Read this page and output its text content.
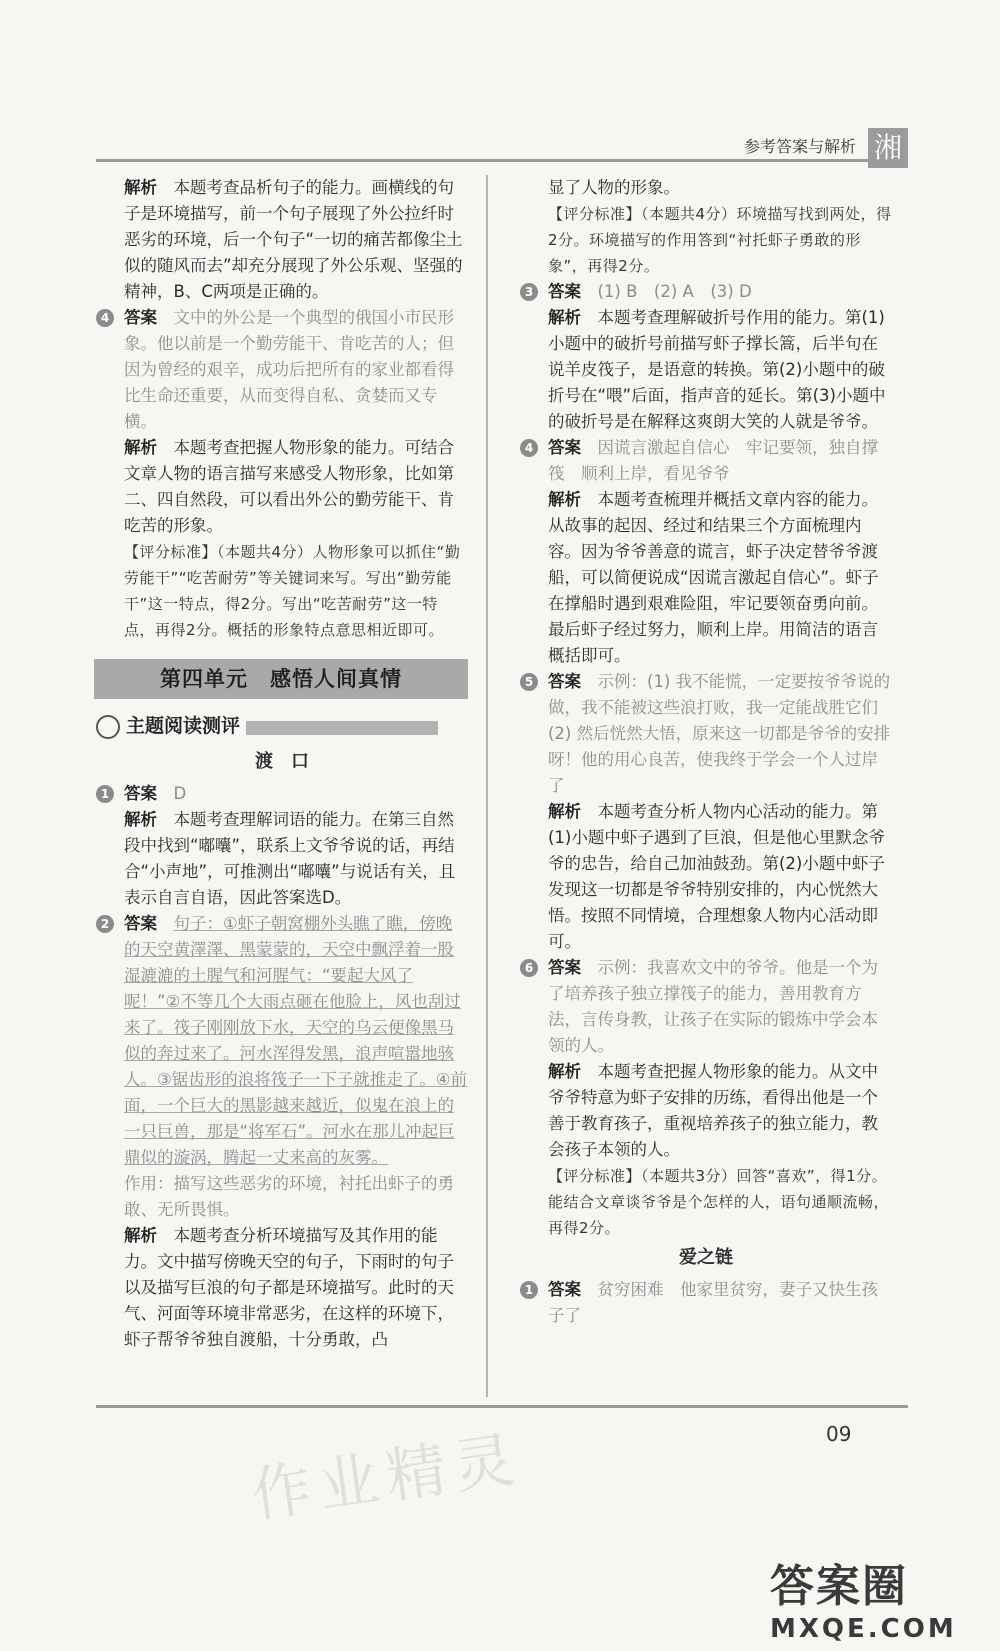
参考答案与解析 湘

解析　 本题考查品析句子的能力。画横线的句子是环境描写，前一个句子展现了外公拉纤时恶劣的环境，后一个句子“一切的痛苦都像尘土似的随风而去”却充分展现了外公乐观、坚强的精神，B、C两项是正确的。

4 答案　 文中的外公是一个典型的俄国小市民形象。他以前是一个勤劳能干、肯吃苦的人；但因为曾经的艰辛，成功后把所有的家业都看得比生命还重要，从而变得自私、贪婪而又专横。

解析　 本题考查把握人物形象的能力。可结合文章人物的语言描写来感受人物形象，比如第二、四自然段，可以看出外公的勤劳能干、肯吃苦的形象。

【评分标准】（本题共4分）人物形象可以抓住“勤劳能干”“吃苦耐劳”等关键词来写。写出“勤劳能干”这一特点，得2分。写出“吃苦耐劳”这一特点，再得2分。概括的形象特点意思相近即可。

第四单元　感悟人间真情
主题阅读测评
渡　口
1 答案　 D

解析　 本题考查理解词语的能力。在第三自然段中找到“嘟囔”，联系上文爷爷说的话，再结合“小声地”，可推测出“嘟囔”与说话有关，且表示自言自语，因此答案选D。

2 答案　 句子：①虾子朝窝棚外头瞧了瞧，傍晚的天空黄澤澤、黑蒙蒙的，天空中飘浮着一股湿漉漉的土腥气和河腥气：“要起大风了呢！”②不等几个大雨点砸在他脸上，风也刮过来了。筏子刚刚放下水，天空的乌云便像黑马似的奔过来了。河水浑得发黑，浪声喧嚣地骇人。③锯齿形的浪将筏子一下子就推走了。④前面，一个巨大的黑影越来越近，似鬼在浪上的一只巨兽，那是“将军石”。河水在那儿冲起巨鼎似的漩涡，腾起一丈来高的灰雾。

作用：描写这些恶劣的环境，衬托出虾子的勇敢、无所畏惧。

解析　 本题考查分析环境描写及其作用的能力。文中描写傍晚天空的句子，下雨时的句子以及描写巨浪的句子都是环境描写。此时的天气、河面等环境非常恶劣，在这样的环境下，虾子帮爷爷独自渡船，十分勇敢，凸

显了人物的形象。

【评分标准】（本题共4分）环境描写找到两处，得2分。环境描写的作用答到“衬托虾子勇敢的形象”，再得2分。

3 答案　 (1) B　(2) A　(3) D

解析　 本题考查理解破折号作用的能力。第(1)小题中的破折号前描写虾子撑长篙，后半句在说羊皮筏子，是语意的转换。第(2)小题中的破折号在“喂”后面，指声音的延长。第(3)小题中的破折号是在解释这爽朗大笑的人就是爷爷。

4 答案　 因谎言激起自信心　牢记要领，独自撑筏　顺利上岸，看见爷爷

解析　 本题考查梳理并概括文章内容的能力。从故事的起因、经过和结果三个方面梳理内容。因为爷爷善意的谎言，虾子决定替爷爷渡船，可以简便说成“因谎言激起自信心”。虾子在撑船时遇到艰难险阻，牢记要领奋勇向前。最后虾子经过努力，顺利上岸。用简洁的语言概括即可。

5 答案　 示例：(1) 我不能慌，一定要按爷爷说的做，我不能被这些浪打败，我一定能战胜它们

(2) 然后恍然大悟，原来这一切都是爷爷的安排呀！他的用心良苦，使我终于学会一个人过岸了

解析　 本题考查分析人物内心活动的能力。第(1)小题中虾子遇到了巨浪，但是他心里默念爷爷的忠告，给自己加油鼓劲。第(2)小题中虾子发现这一切都是爷爷特别安排的，内心恍然大悟。按照不同情境，合理想象人物内心活动即可。

6 答案　 示例：我喜欢文中的爷爷。他是一个为了培养孩子独立撑筏子的能力，善用教育方法，言传身教，让孩子在实际的锻炼中学会本领的人。

解析　 本题考查把握人物形象的能力。从文中爷爷特意为虾子安排的历练，看得出他是一个善于教育孩子，重视培养孩子的独立能力，教会孩子本领的人。

【评分标准】（本题共3分）回答“喜欢”，得1分。能结合文章谈爷爷是个怎样的人，语句通顺流畅，再得2分。

爱之链
1 答案　 贫穷困难　他家里贫穷，妻子又快生孩子了

09
作业精灵
答案圈
MXQE.COM
